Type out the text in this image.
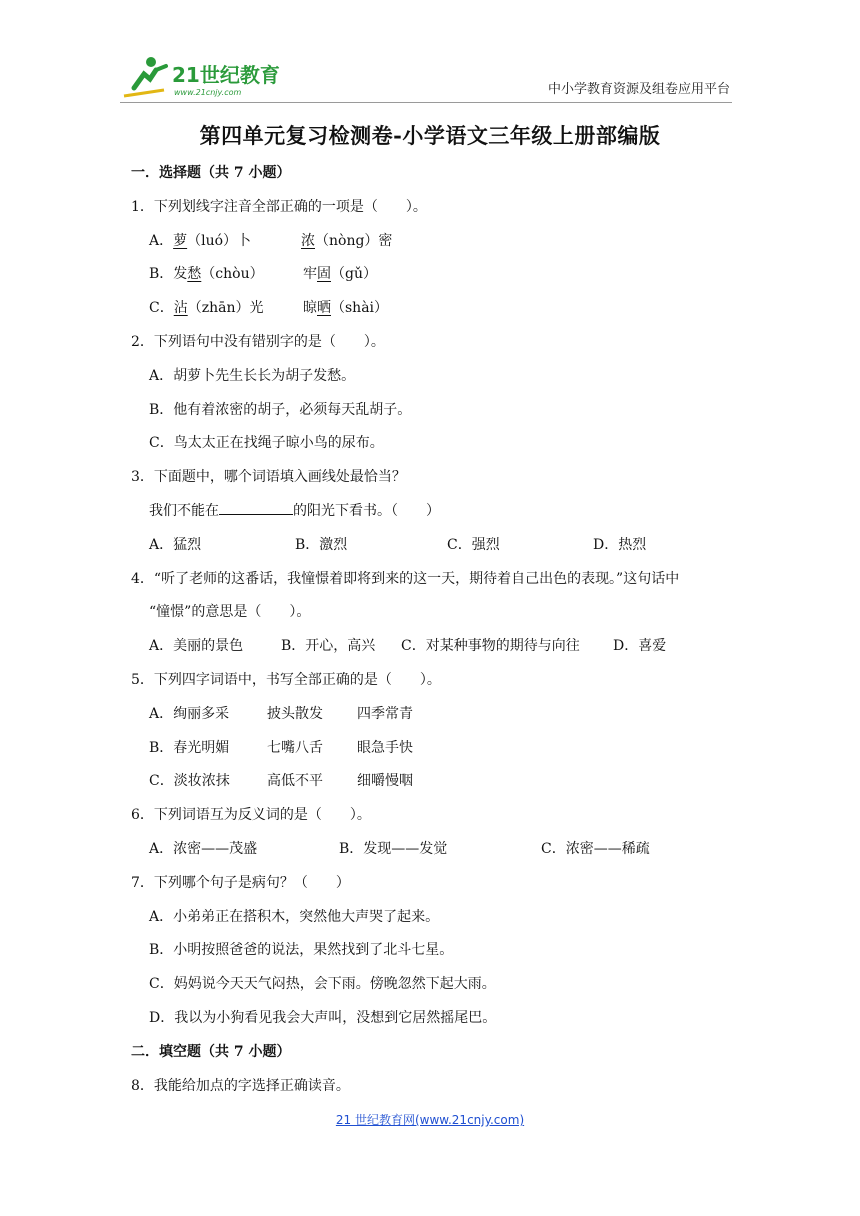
21世纪教育
www.21cnjy.com	中小学教育资源及组卷应用平台
第四单元复习检测卷-小学语文三年级上册部编版
一．选择题（共 7 小题）
1．下列划线字注音全部正确的一项是（　　）。
A．萝（luó）卜	浓（nòng）密
B．发愁（chòu）	牢固（gǔ）
C．沾（zhān）光	晾晒（shài）
2．下列语句中没有错别字的是（　　）。
A．胡萝卜先生长长为胡子发愁。
B．他有着浓密的胡子，必须每天乱胡子。
C．鸟太太正在找绳子晾小鸟的尿布。
3．下面题中，哪个词语填入画线处最恰当？
我们不能在	的阳光下看书。（　　）
A．猛烈	B．激烈	C．强烈	D．热烈
4．“听了老师的这番话，我憧憬着即将到来的这一天，期待着自己出色的表现。”这句话中
“憧憬”的意思是（　　）。
A．美丽的景色	B．开心，高兴 C．对某种事物的期待与向往 D．喜爱
5．下列四字词语中，书写全部正确的是（　　）。
A．绚丽多采	披头散发 四季常青
B．春光明媚	七嘴八舌 眼急手快
C．淡妆浓抹	高低不平 细嚼慢咽
6．下列词语互为反义词的是（　　）。
A．浓密——茂盛	B．发现——发觉	C．浓密——稀疏
7．下列哪个句子是病句？（　　）
A．小弟弟正在搭积木，突然他大声哭了起来。
B．小明按照爸爸的说法，果然找到了北斗七星。
C．妈妈说今天天气闷热，会下雨。傍晚忽然下起大雨。
D．我以为小狗看见我会大声叫，没想到它居然摇尾巴。
二．填空题（共 7 小题）
8．我能给加点的字选择正确读音。
21 世纪教育网(www.21cnjy.com)
